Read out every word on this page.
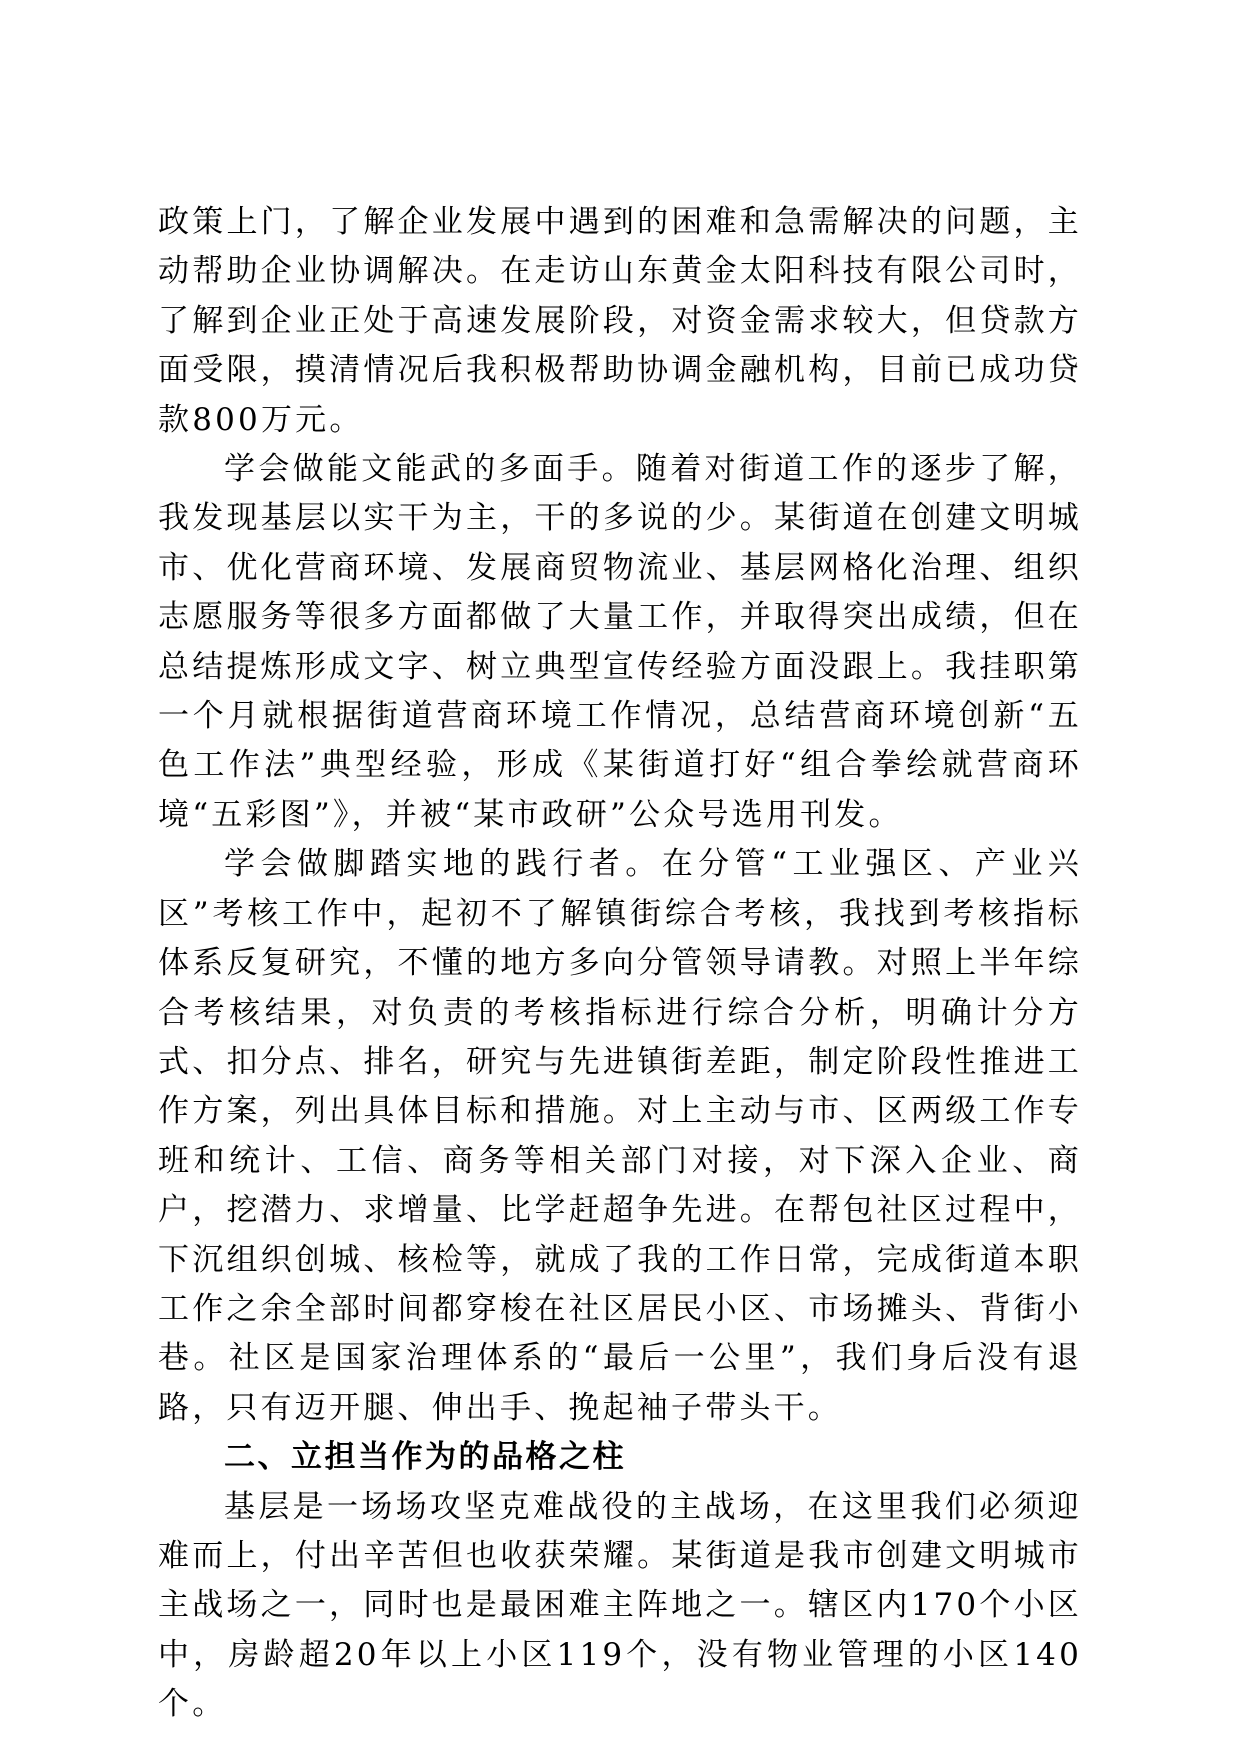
政策上门，了解企业发展中遇到的困难和急需解决的问题，主动帮助企业协调解决。在走访山东黄金太阳科技有限公司时，了解到企业正处于高速发展阶段，对资金需求较大，但贷款方面受限，摸清情况后我积极帮助协调金融机构，目前已成功贷款800万元。

学会做能文能武的多面手。随着对街道工作的逐步了解，我发现基层以实干为主，干的多说的少。某街道在创建文明城市、优化营商环境、发展商贸物流业、基层网格化治理、组织志愿服务等很多方面都做了大量工作，并取得突出成绩，但在总结提炼形成文字、树立典型宣传经验方面没跟上。我挂职第一个月就根据街道营商环境工作情况，总结营商环境创新“五色工作法”典型经验，形成《某街道打好“组合拳绘就营商环境“五彩图”》，并被“某市政研”公众号选用刊发。

学会做脚踏实地的践行者。在分管“工业强区、产业兴区”考核工作中，起初不了解镇街综合考核，我找到考核指标体系反复研究，不懂的地方多向分管领导请教。对照上半年综合考核结果，对负责的考核指标进行综合分析，明确计分方式、扣分点、排名，研究与先进镇街差距，制定阶段性推进工作方案，列出具体目标和措施。对上主动与市、区两级工作专班和统计、工信、商务等相关部门对接，对下深入企业、商户，挖潜力、求增量、比学赶超争先进。在帮包社区过程中，下沉组织创城、核检等，就成了我的工作日常，完成街道本职工作之余全部时间都穿梭在社区居民小区、市场摊头、背街小巷。社区是国家治理体系的“最后一公里”，我们身后没有退路，只有迈开腿、伸出手、挽起袖子带头干。

二、立担当作为的品格之柱

基层是一场场攻坚克难战役的主战场，在这里我们必须迎难而上，付出辛苦但也收获荣耀。某街道是我市创建文明城市主战场之一，同时也是最困难主阵地之一。辖区内170个小区中，房龄超20年以上小区119个，没有物业管理的小区140个。
